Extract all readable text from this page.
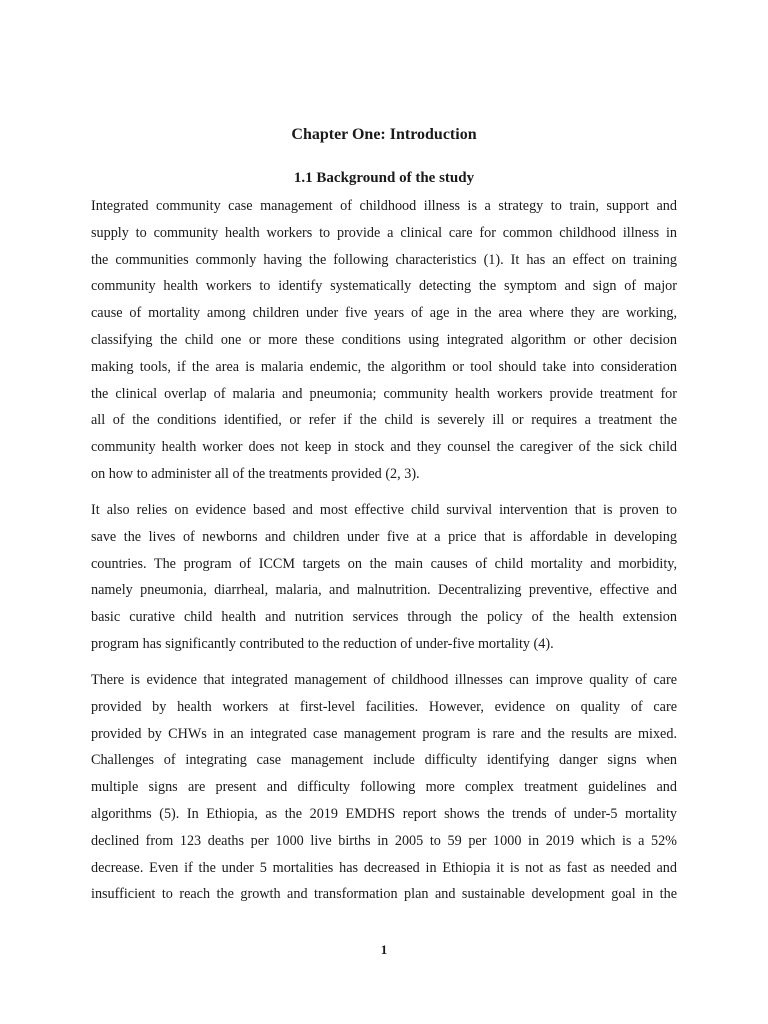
Chapter One: Introduction
1.1 Background of the study
Integrated community case management of childhood illness is a strategy to train, support and
supply to community health workers to provide a clinical care for common childhood illness in
the communities commonly having the following characteristics (1). It has an effect on training
community health workers to identify systematically detecting the symptom and sign of major
cause of mortality among children under five years of age in the area where they are working,
classifying the child one or more these conditions using integrated algorithm or other decision
making tools, if the area is malaria endemic, the algorithm or tool should take into consideration
the clinical overlap of malaria and pneumonia; community health workers provide treatment for
all of the conditions identified, or refer if the child is severely ill or requires a treatment the
community health worker does not keep in stock and they counsel the caregiver of the sick child
on how to administer all of the treatments provided (2, 3).
It also relies on evidence based and most effective child survival intervention that is proven to
save the lives of newborns and children under five at a price that is affordable in developing
countries. The program of ICCM targets on the main causes of child mortality and morbidity,
namely pneumonia, diarrheal, malaria, and malnutrition. Decentralizing preventive, effective and
basic curative child health and nutrition services through the policy of the health extension
program has significantly contributed to the reduction of under-five mortality (4).
There is evidence that integrated management of childhood illnesses can improve quality of care
provided by health workers at first-level facilities. However, evidence on quality of care
provided by CHWs in an integrated case management program is rare and the results are mixed.
Challenges of integrating case management include difficulty identifying danger signs when
multiple signs are present and difficulty following more complex treatment guidelines and
algorithms (5). In Ethiopia, as the 2019 EMDHS report shows the trends of under-5 mortality
declined from 123 deaths per 1000 live births in 2005 to 59 per 1000 in 2019 which is a 52%
decrease. Even if the under 5 mortalities has decreased in Ethiopia it is not as fast as needed and
insufficient to reach the growth and transformation plan and sustainable development goal in the
1
